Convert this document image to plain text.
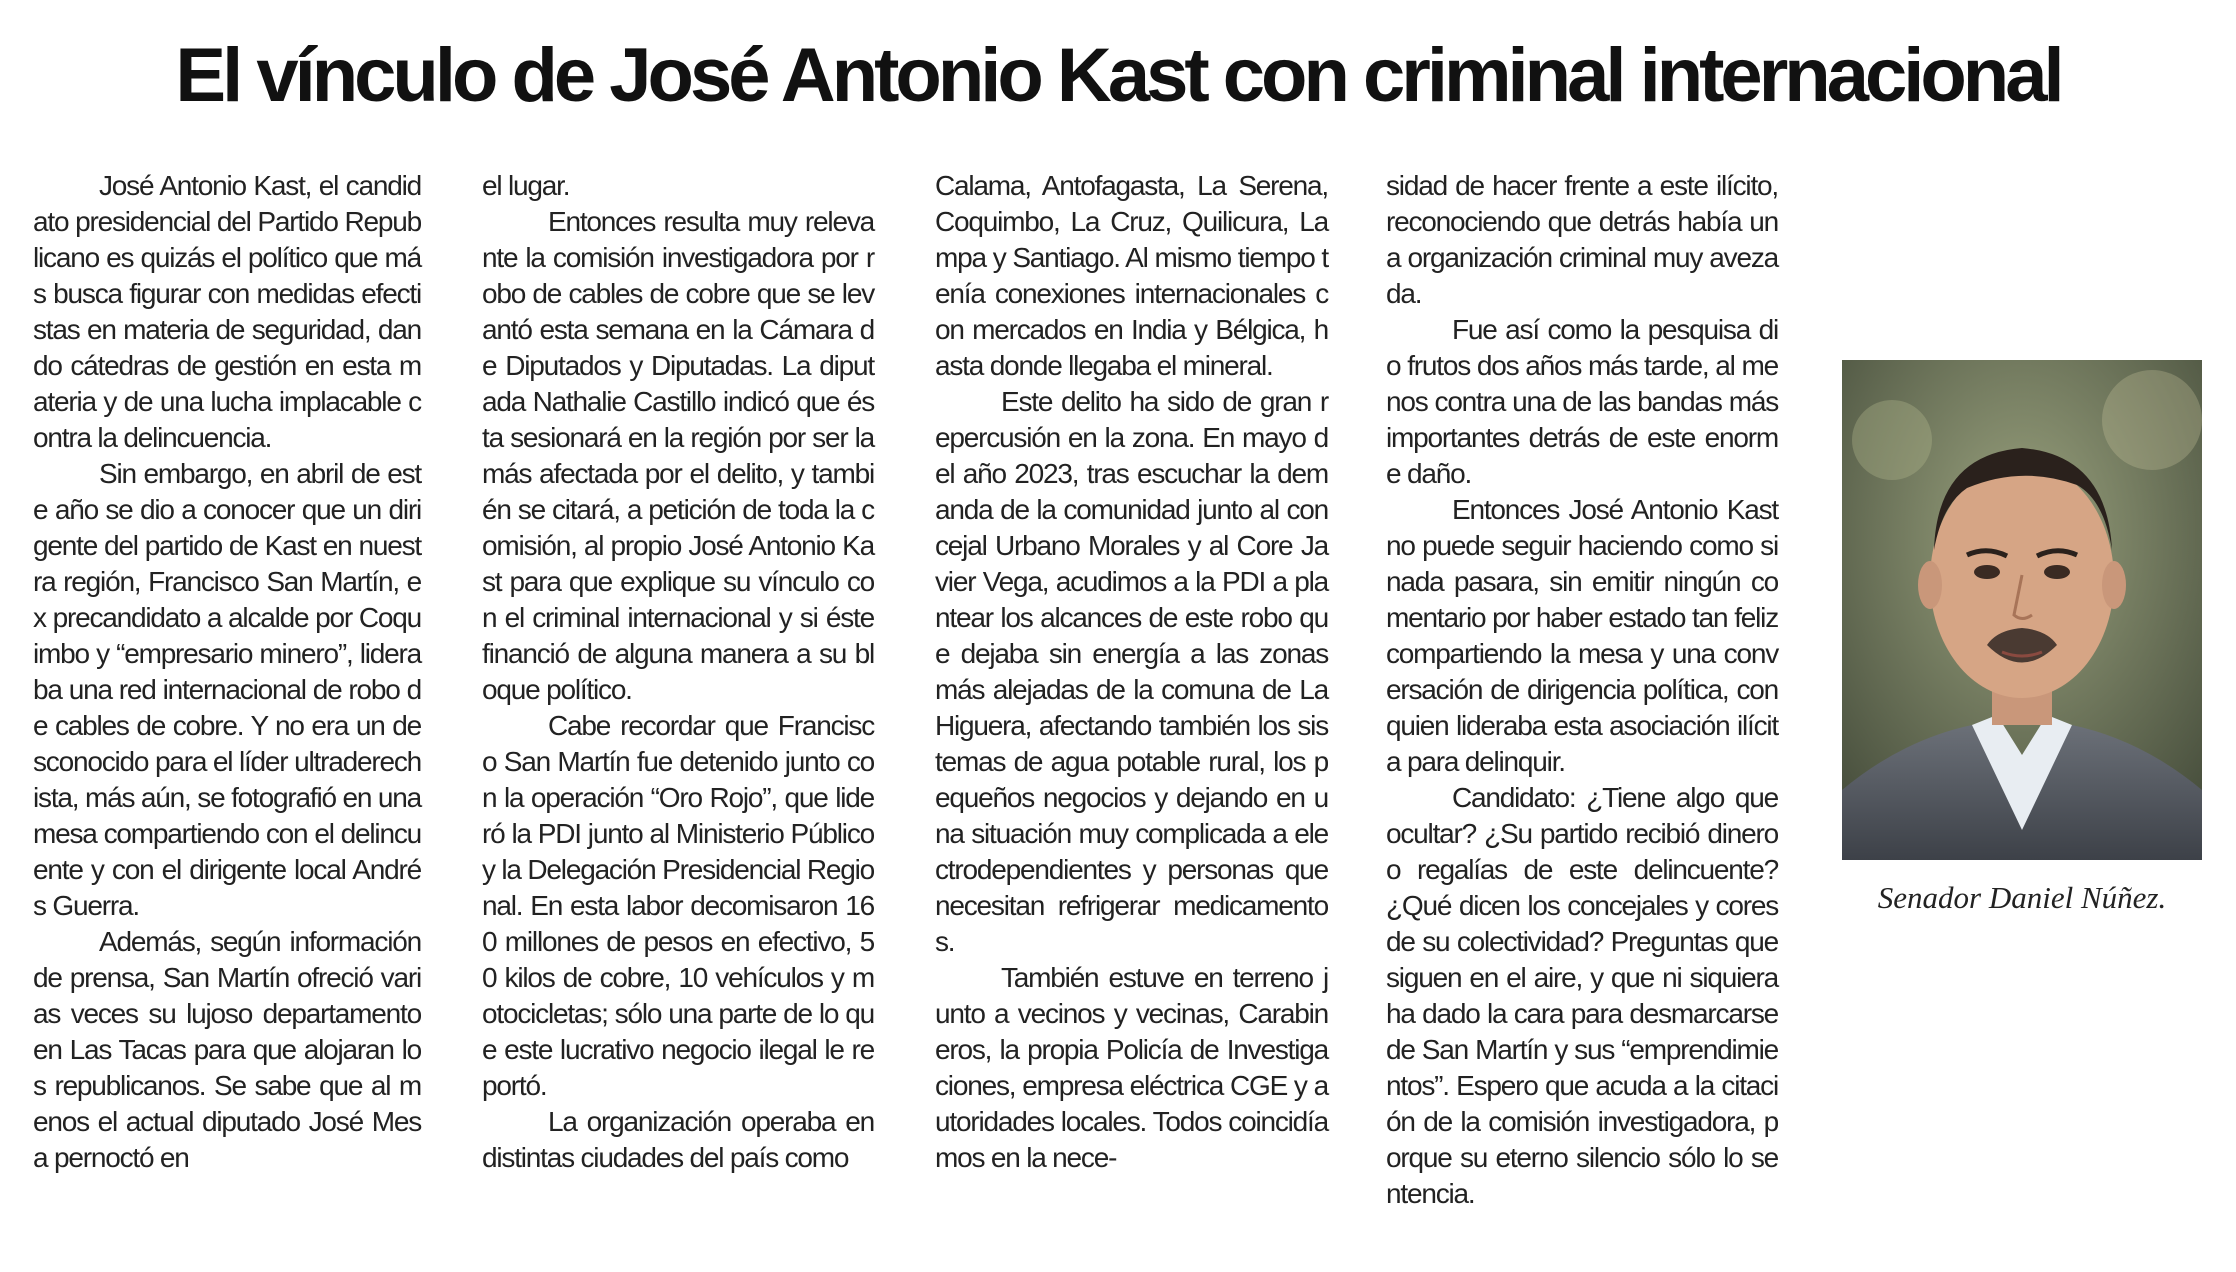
El vínculo de José Antonio Kast con criminal internacional

José Antonio Kast, el candidato presidencial del Partido Republicano es quizás el político que más busca figurar con medidas efectistas en materia de seguridad, dando cátedras de gestión en esta materia y de una lucha implacable contra la delincuencia.

Sin embargo, en abril de este año se dio a conocer que un dirigente del partido de Kast en nuestra región, Francisco San Martín, ex precandidato a alcalde por Coquimbo y “empresario minero”, lideraba una red internacional de robo de cables de cobre. Y no era un desconocido para el líder ultraderechista, más aún, se fotografió en una mesa compartiendo con el delincuente y con el dirigente local Andrés Guerra.

Además, según información de prensa, San Martín ofreció varias veces su lujoso departamento en Las Tacas para que alojaran los republicanos. Se sabe que al menos el actual diputado José Mesa pernoctó en

el lugar.

Entonces resulta muy relevante la comisión investigadora por robo de cables de cobre que se levantó esta semana en la Cámara de Diputados y Diputadas. La diputada Nathalie Castillo indicó que ésta sesionará en la región por ser la más afectada por el delito, y también se citará, a petición de toda la comisión, al propio José Antonio Kast para que explique su vínculo con el criminal internacional y si éste financió de alguna manera a su bloque político.

Cabe recordar que Francisco San Martín fue detenido junto con la operación “Oro Rojo”, que lideró la PDI junto al Ministerio Público y la Delegación Presidencial Regional. En esta labor decomisaron 160 millones de pesos en efectivo, 50 kilos de cobre, 10 vehículos y motocicletas; sólo una parte de lo que este lucrativo negocio ilegal le reportó.

La organización operaba en distintas ciudades del país como

Calama, Antofagasta, La Serena, Coquimbo, La Cruz, Quilicura, Lampa y Santiago. Al mismo tiempo tenía conexiones internacionales con mercados en India y Bélgica, hasta donde llegaba el mineral.

Este delito ha sido de gran repercusión en la zona. En mayo del año 2023, tras escuchar la demanda de la comunidad junto al concejal Urbano Morales y al Core Javier Vega, acudimos a la PDI a plantear los alcances de este robo que dejaba sin energía a las zonas más alejadas de la comuna de La Higuera, afectando también los sistemas de agua potable rural, los pequeños negocios y dejando en una situación muy complicada a electrodependientes y personas que necesitan refrigerar medicamentos.

También estuve en terreno junto a vecinos y vecinas, Carabineros, la propia Policía de Investigaciones, empresa eléctrica CGE y autoridades locales. Todos coincidíamos en la nece-

sidad de hacer frente a este ilícito, reconociendo que detrás había una organización criminal muy avezada.

Fue así como la pesquisa dio frutos dos años más tarde, al menos contra una de las bandas más importantes detrás de este enorme daño.

Entonces José Antonio Kast no puede seguir haciendo como si nada pasara, sin emitir ningún comentario por haber estado tan feliz compartiendo la mesa y una conversación de dirigencia política, con quien lideraba esta asociación ilícita para delinquir.

Candidato: ¿Tiene algo que ocultar? ¿Su partido recibió dinero o regalías de este delincuente? ¿Qué dicen los concejales y cores de su colectividad? Preguntas que siguen en el aire, y que ni siquiera ha dado la cara para desmarcarse de San Martín y sus “emprendimientos”. Espero que acuda a la citación de la comisión investigadora, porque su eterno silencio sólo lo sentencia.

Senador Daniel Núñez.
